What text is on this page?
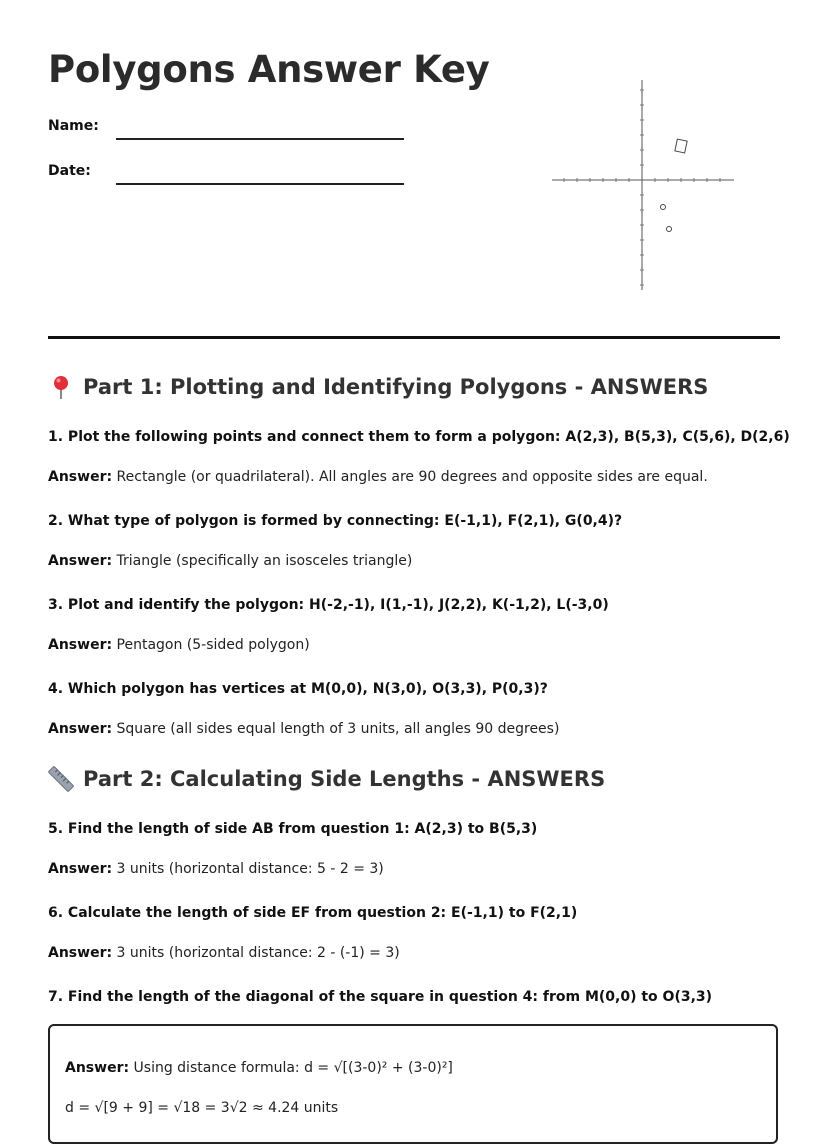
Polygons Answer Key
Name:
Date:
Part 1: Plotting and Identifying Polygons - ANSWERS

1. Plot the following points and connect them to form a polygon: A(2,3), B(5,3), C(5,6), D(2,6)

Answer: Rectangle (or quadrilateral). All angles are 90 degrees and opposite sides are equal.

2. What type of polygon is formed by connecting: E(-1,1), F(2,1), G(0,4)?

Answer: Triangle (specifically an isosceles triangle)

3. Plot and identify the polygon: H(-2,-1), I(1,-1), J(2,2), K(-1,2), L(-3,0)

Answer: Pentagon (5-sided polygon)

4. Which polygon has vertices at M(0,0), N(3,0), O(3,3), P(0,3)?

Answer: Square (all sides equal length of 3 units, all angles 90 degrees)

Part 2: Calculating Side Lengths - ANSWERS

5. Find the length of side AB from question 1: A(2,3) to B(5,3)

Answer: 3 units (horizontal distance: 5 - 2 = 3)

6. Calculate the length of side EF from question 2: E(-1,1) to F(2,1)

Answer: 3 units (horizontal distance: 2 - (-1) = 3)

7. Find the length of the diagonal of the square in question 4: from M(0,0) to O(3,3)

Answer: Using distance formula: d = √[(3-0)² + (3-0)²]

d = √[9 + 9] = √18 = 3√2 ≈ 4.24 units
